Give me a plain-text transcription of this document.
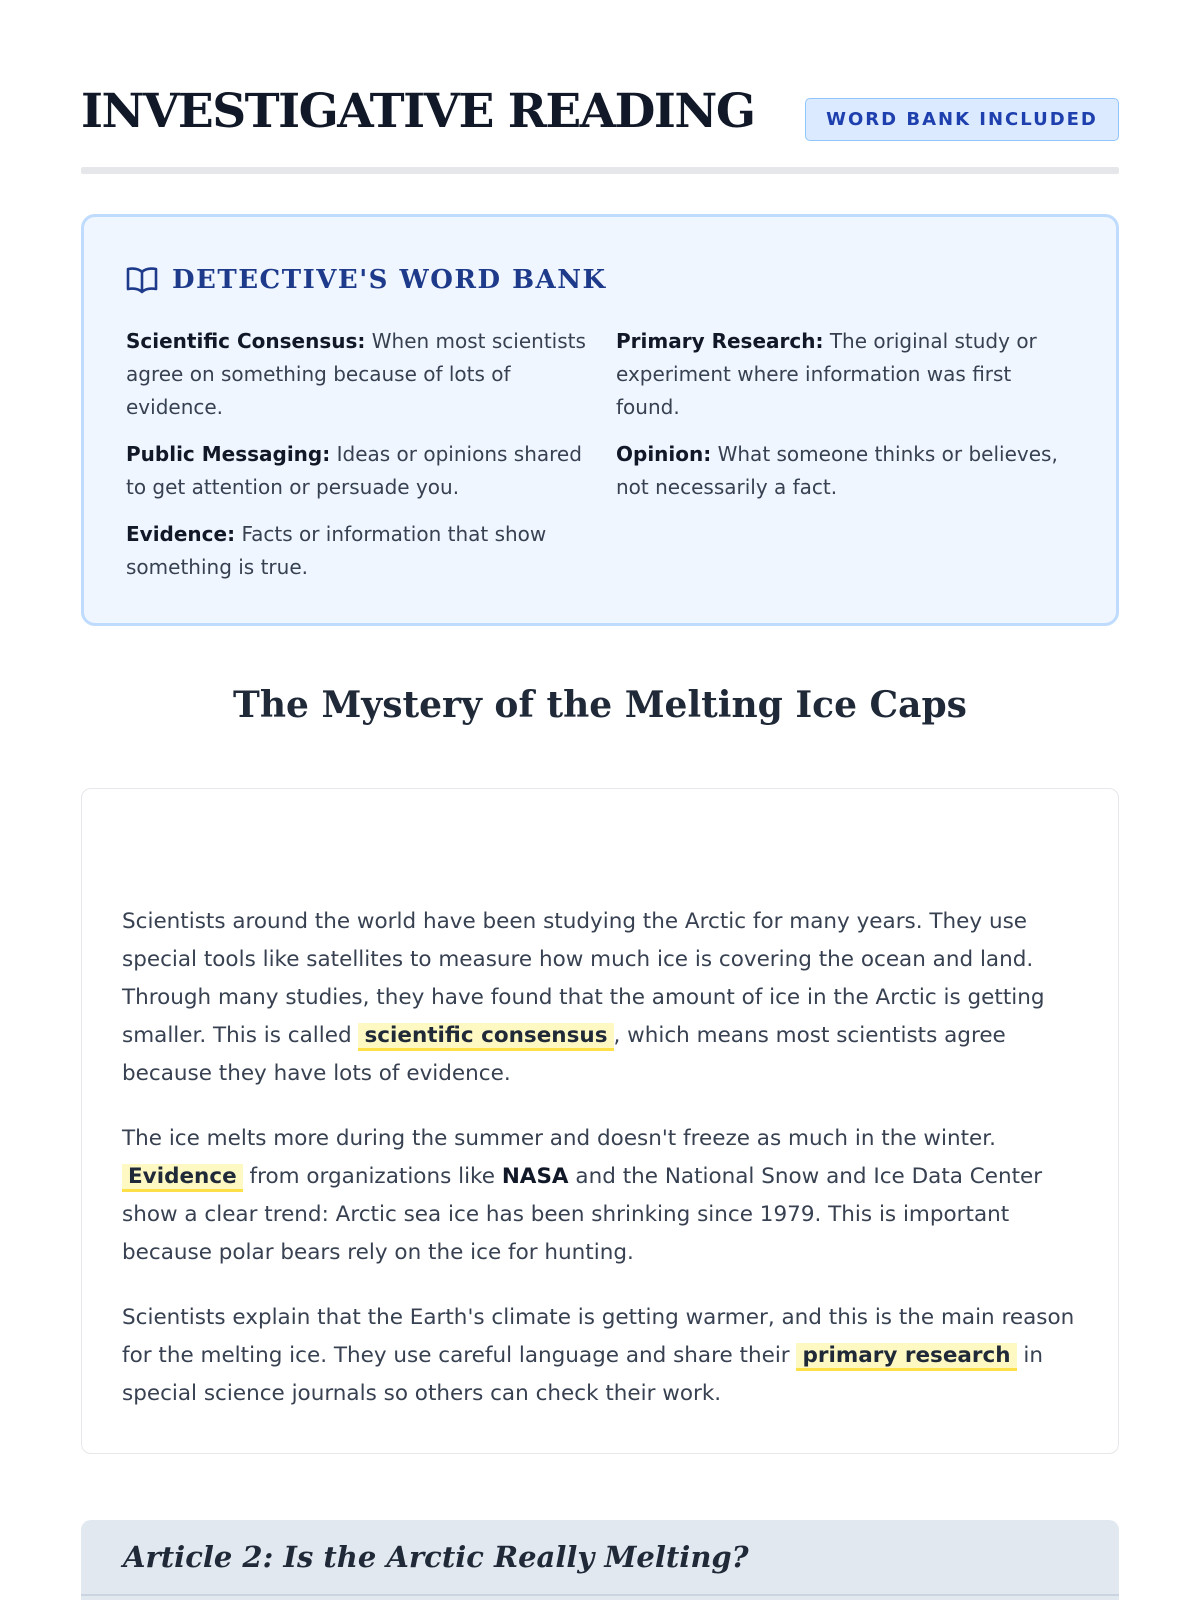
INVESTIGATIVE READING	WORD BANK INCLUDED
DETECTIVE'S WORD BANK

Scientific Consensus: When most scientists agree on something because of lots of evidence.

Public Messaging: Ideas or opinions shared to get attention or persuade you.

Evidence: Facts or information that show something is true.

Primary Research: The original study or experiment where information was first found.

Opinion: What someone thinks or believes, not necessarily a fact.

The Mystery of the Melting Ice Caps

Scientists around the world have been studying the Arctic for many years. They use special tools like satellites to measure how much ice is covering the ocean and land. Through many studies, they have found that the amount of ice in the Arctic is getting smaller. This is called scientific consensus , which means most scientists agree because they have lots of evidence.

The ice melts more during the summer and doesn't freeze as much in the winter. Evidence from organizations like NASA and the National Snow and Ice Data Center show a clear trend: Arctic sea ice has been shrinking since 1979. This is important because polar bears rely on the ice for hunting.

Scientists explain that the Earth's climate is getting warmer, and this is the main reason for the melting ice. They use careful language and share their primary research in special science journals so others can check their work.

Article 2: Is the Arctic Really Melting?
